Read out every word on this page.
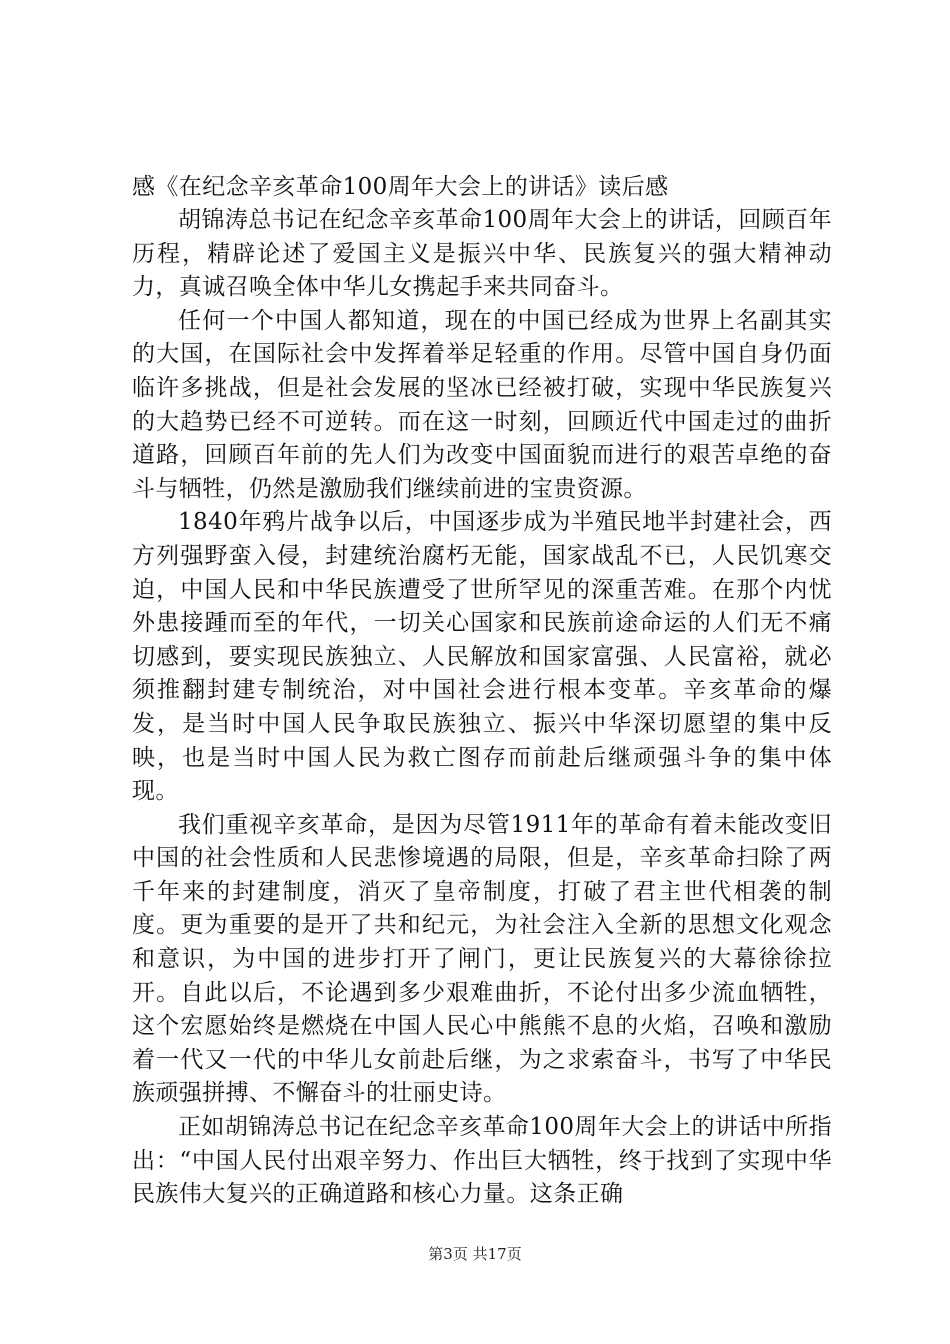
感《在纪念辛亥革命100周年大会上的讲话》读后感

胡锦涛总书记在纪念辛亥革命100周年大会上的讲话，回顾百年历程，精辟论述了爱国主义是振兴中华、民族复兴的强大精神动力，真诚召唤全体中华儿女携起手来共同奋斗。

任何一个中国人都知道，现在的中国已经成为世界上名副其实的大国，在国际社会中发挥着举足轻重的作用。尽管中国自身仍面临许多挑战，但是社会发展的坚冰已经被打破，实现中华民族复兴的大趋势已经不可逆转。而在这一时刻，回顾近代中国走过的曲折道路，回顾百年前的先人们为改变中国面貌而进行的艰苦卓绝的奋斗与牺牲，仍然是激励我们继续前进的宝贵资源。

1840年鸦片战争以后，中国逐步成为半殖民地半封建社会，西方列强野蛮入侵，封建统治腐朽无能，国家战乱不已，人民饥寒交迫，中国人民和中华民族遭受了世所罕见的深重苦难。在那个内忧外患接踵而至的年代，一切关心国家和民族前途命运的人们无不痛切感到，要实现民族独立、人民解放和国家富强、人民富裕，就必须推翻封建专制统治，对中国社会进行根本变革。辛亥革命的爆发，是当时中国人民争取民族独立、振兴中华深切愿望的集中反映，也是当时中国人民为救亡图存而前赴后继顽强斗争的集中体现。

我们重视辛亥革命，是因为尽管1911年的革命有着未能改变旧中国的社会性质和人民悲惨境遇的局限，但是，辛亥革命扫除了两千年来的封建制度，消灭了皇帝制度，打破了君主世代相袭的制度。更为重要的是开了共和纪元，为社会注入全新的思想文化观念和意识，为中国的进步打开了闸门，更让民族复兴的大幕徐徐拉开。自此以后，不论遇到多少艰难曲折，不论付出多少流血牺牲，这个宏愿始终是燃烧在中国人民心中熊熊不息的火焰，召唤和激励着一代又一代的中华儿女前赴后继，为之求索奋斗，书写了中华民族顽强拼搏、不懈奋斗的壮丽史诗。

正如胡锦涛总书记在纪念辛亥革命100周年大会上的讲话中所指出：“中国人民付出艰辛努力、作出巨大牺牲，终于找到了实现中华民族伟大复兴的正确道路和核心力量。这条正确

第3页 共17页
